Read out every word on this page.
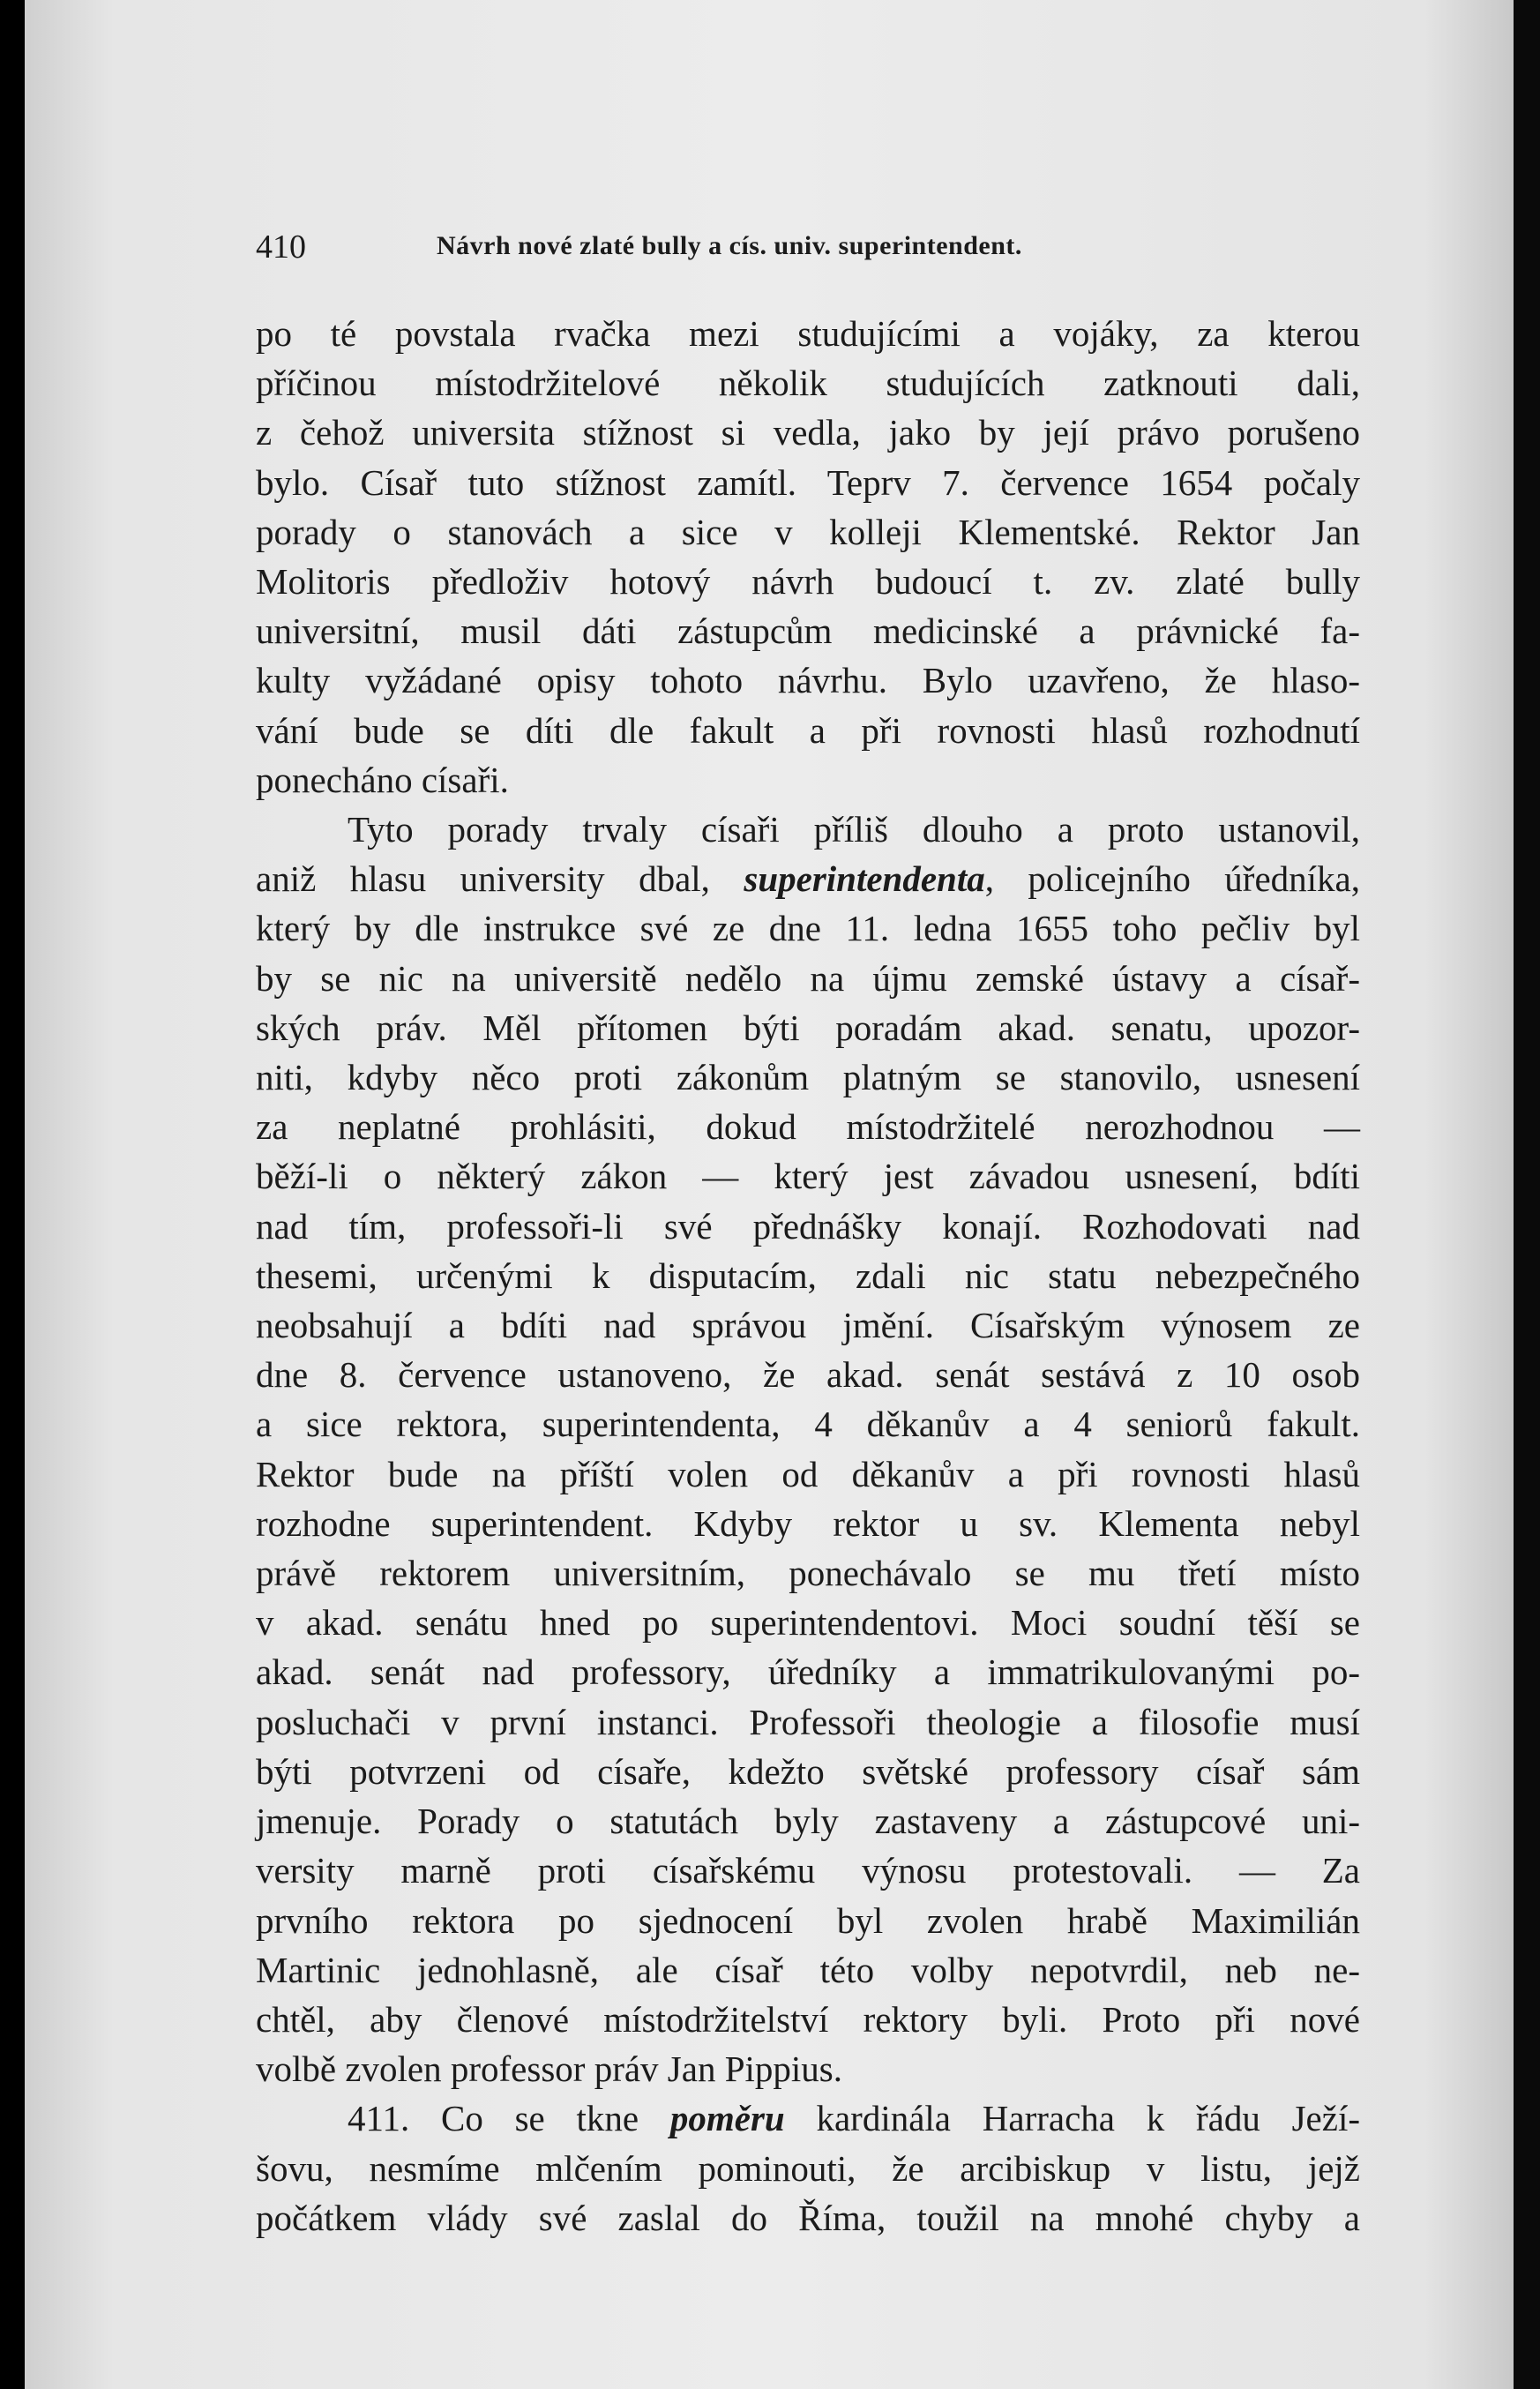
410	Návrh nové zlaté bully a cís. univ. superintendent.
po té povstala rvačka mezi studujícími a vojáky, za kterou
příčinou místodržitelové několik studujících zatknouti dali,
z čehož universita stížnost si vedla, jako by její právo porušeno
bylo. Císař tuto stížnost zamítl. Teprv 7. července 1654 počaly
porady o stanovách a sice v kolleji Klementské. Rektor Jan
Molitoris předloživ hotový návrh budoucí t. zv. zlaté bully
universitní, musil dáti zástupcům medicinské a právnické fa-
kulty vyžádané opisy tohoto návrhu. Bylo uzavřeno, že hlaso-
vání bude se díti dle fakult a při rovnosti hlasů rozhodnutí
ponecháno císaři.
Tyto porady trvaly císaři příliš dlouho a proto ustanovil,
aniž hlasu university dbal, superintendenta, policejního úředníka,
který by dle instrukce své ze dne 11. ledna 1655 toho pečliv byl
by se nic na universitě nedělo na újmu zemské ústavy a císař-
ských práv. Měl přítomen býti poradám akad. senatu, upozor-
niti, kdyby něco proti zákonům platným se stanovilo, usnesení
za neplatné prohlásiti, dokud místodržitelé nerozhodnou —
běží-li o některý zákon — který jest závadou usnesení, bdíti
nad tím, professoři-li své přednášky konají. Rozhodovati nad
thesemi, určenými k disputacím, zdali nic statu nebezpečného
neobsahují a bdíti nad správou jmění. Císařským výnosem ze
dne 8. července ustanoveno, že akad. senát sestává z 10 osob
a sice rektora, superintendenta, 4 děkanův a 4 seniorů fakult.
Rektor bude na příští volen od děkanův a při rovnosti hlasů
rozhodne superintendent. Kdyby rektor u sv. Klementa nebyl
právě rektorem universitním, ponechávalo se mu třetí místo
v akad. senátu hned po superintendentovi. Moci soudní těší se
akad. senát nad professory, úředníky a immatrikulovanými po-
posluchači v první instanci. Professoři theologie a filosofie musí
býti potvrzeni od císaře, kdežto světské professory císař sám
jmenuje. Porady o statutách byly zastaveny a zástupcové uni-
versity marně proti císařskému výnosu protestovali. — Za
prvního rektora po sjednocení byl zvolen hrabě Maximilián
Martinic jednohlasně, ale císař této volby nepotvrdil, neb ne-
chtěl, aby členové místodržitelství rektory byli. Proto při nové
volbě zvolen professor práv Jan Pippius.
411. Co se tkne poměru kardinála Harracha k řádu Ježí-
šovu, nesmíme mlčením pominouti, že arcibiskup v listu, jejž
počátkem vlády své zaslal do Říma, toužil na mnohé chyby a
